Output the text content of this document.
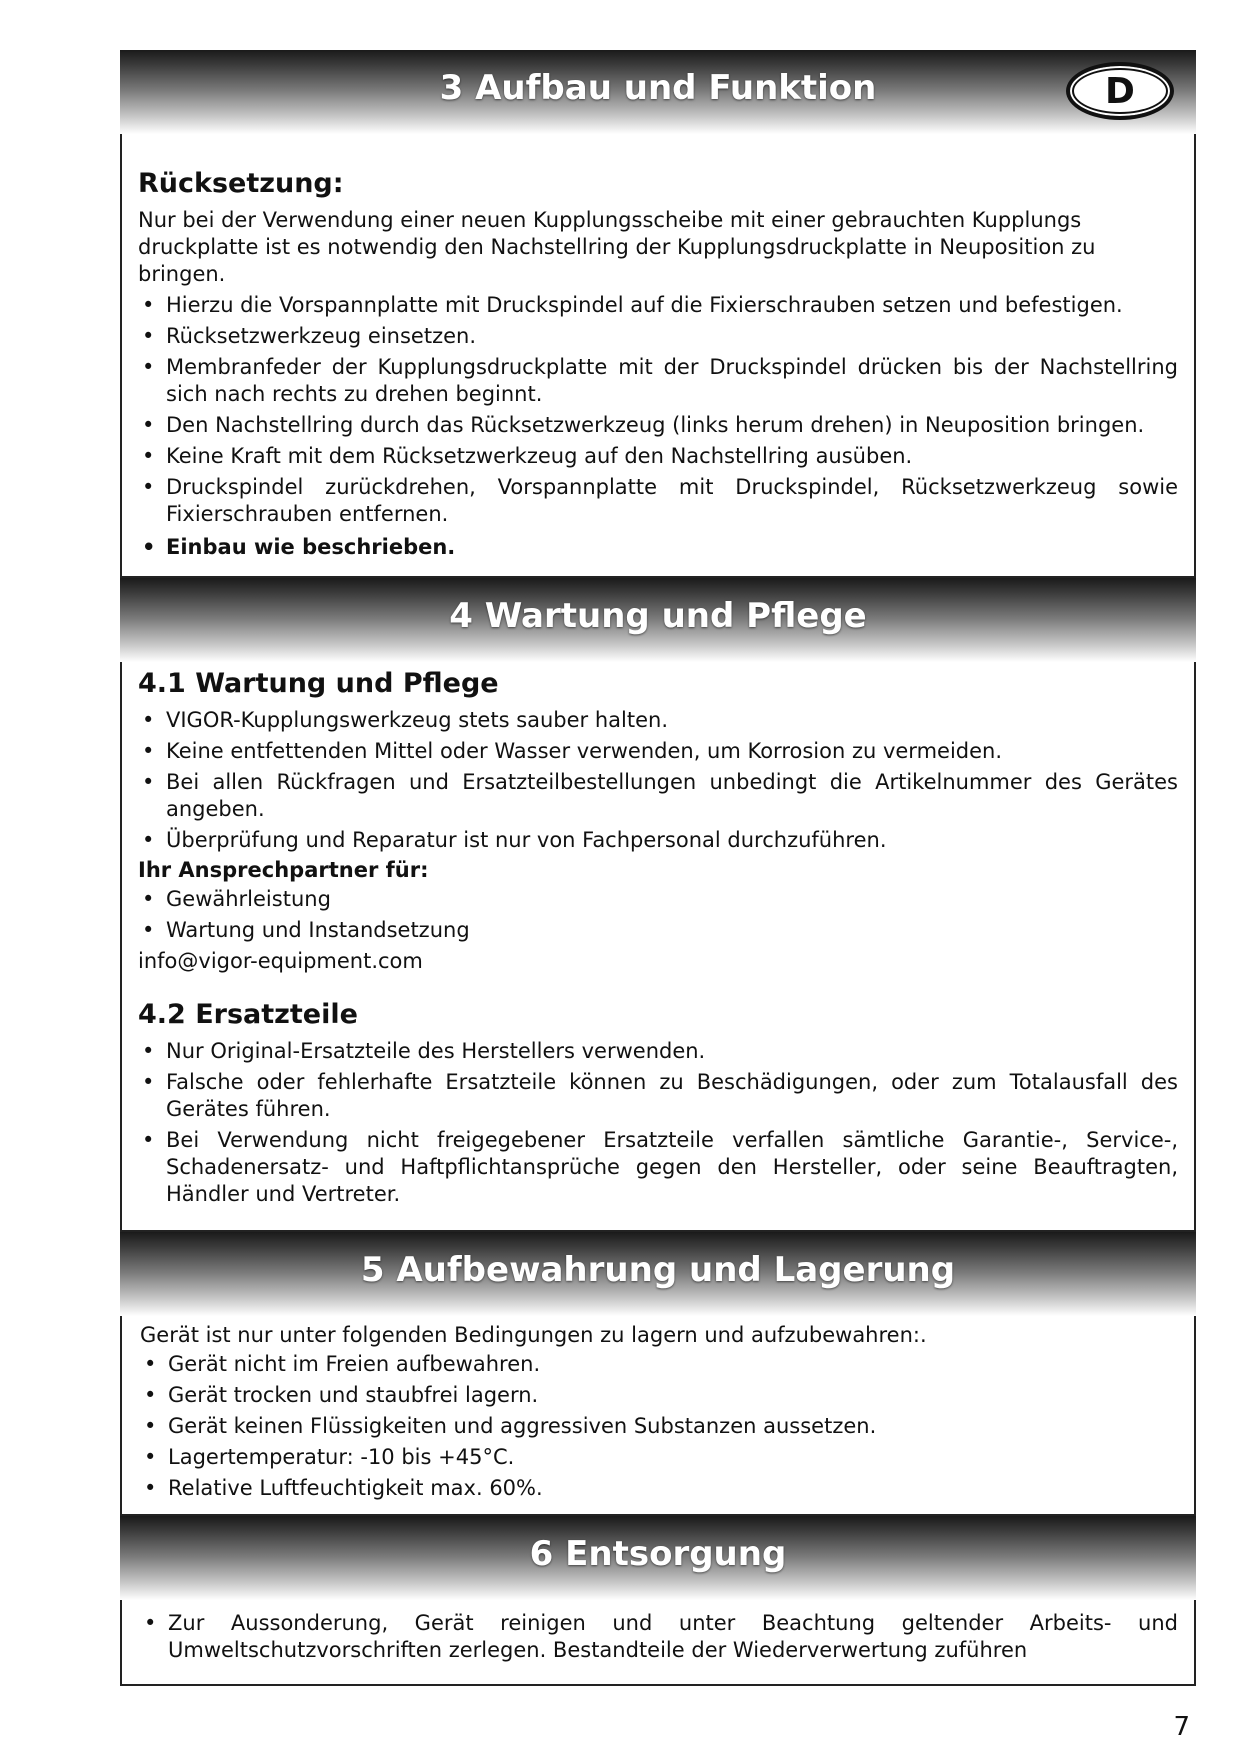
3 Aufbau und Funktion	D
Rücksetzung:

Nur bei der Verwendung einer neuen Kupplungsscheibe mit einer gebrauchten Kupplungs druckplatte ist es notwendig den Nachstellring der Kupplungsdruckplatte in Neuposition zu bringen.

• Hierzu die Vorspannplatte mit Druckspindel auf die Fixierschrauben setzen und befestigen.
• Rücksetzwerkzeug einsetzen.
• Membranfeder der Kupplungsdruckplatte mit der Druckspindel drücken bis der Nachstellring sich nach rechts zu drehen beginnt.
• Den Nachstellring durch das Rücksetzwerkzeug (links herum drehen) in Neuposition bringen.
• Keine Kraft mit dem Rücksetzwerkzeug auf den Nachstellring ausüben.
• Druckspindel zurückdrehen, Vorspannplatte mit Druckspindel, Rücksetzwerkzeug sowie Fixierschrauben entfernen.
• Einbau wie beschrieben.
4 Wartung und Pflege
4.1 Wartung und Pflege
• VIGOR-Kupplungswerkzeug stets sauber halten.
• Keine entfettenden Mittel oder Wasser verwenden, um Korrosion zu vermeiden.
• Bei allen Rückfragen und Ersatzteilbestellungen unbedingt die Artikelnummer des Gerätes angeben.
• Überprüfung und Reparatur ist nur von Fachpersonal durchzuführen.
Ihr Ansprechpartner für:
• Gewährleistung
• Wartung und Instandsetzung

info@vigor-equipment.com

4.2 Ersatzteile
• Nur Original-Ersatzteile des Herstellers verwenden.
• Falsche oder fehlerhafte Ersatzteile können zu Beschädigungen, oder zum Totalausfall des Gerätes führen.
• Bei Verwendung nicht freigegebener Ersatzteile verfallen sämtliche Garantie-, Service-, Schadenersatz- und Haftpflichtansprüche gegen den Hersteller, oder seine Beauftragten, Händler und Vertreter.
5 Aufbewahrung und Lagerung

Gerät ist nur unter folgenden Bedingungen zu lagern und aufzubewahren:.

• Gerät nicht im Freien aufbewahren.
• Gerät trocken und staubfrei lagern.
• Gerät keinen Flüssigkeiten und aggressiven Substanzen aussetzen.
• Lagertemperatur: -10 bis +45°C.
• Relative Luftfeuchtigkeit max. 60%.
6 Entsorgung
• Zur Aussonderung, Gerät reinigen und unter Beachtung geltender Arbeits- und Umweltschutzvorschriften zerlegen. Bestandteile der Wiederverwertung zuführen
7
